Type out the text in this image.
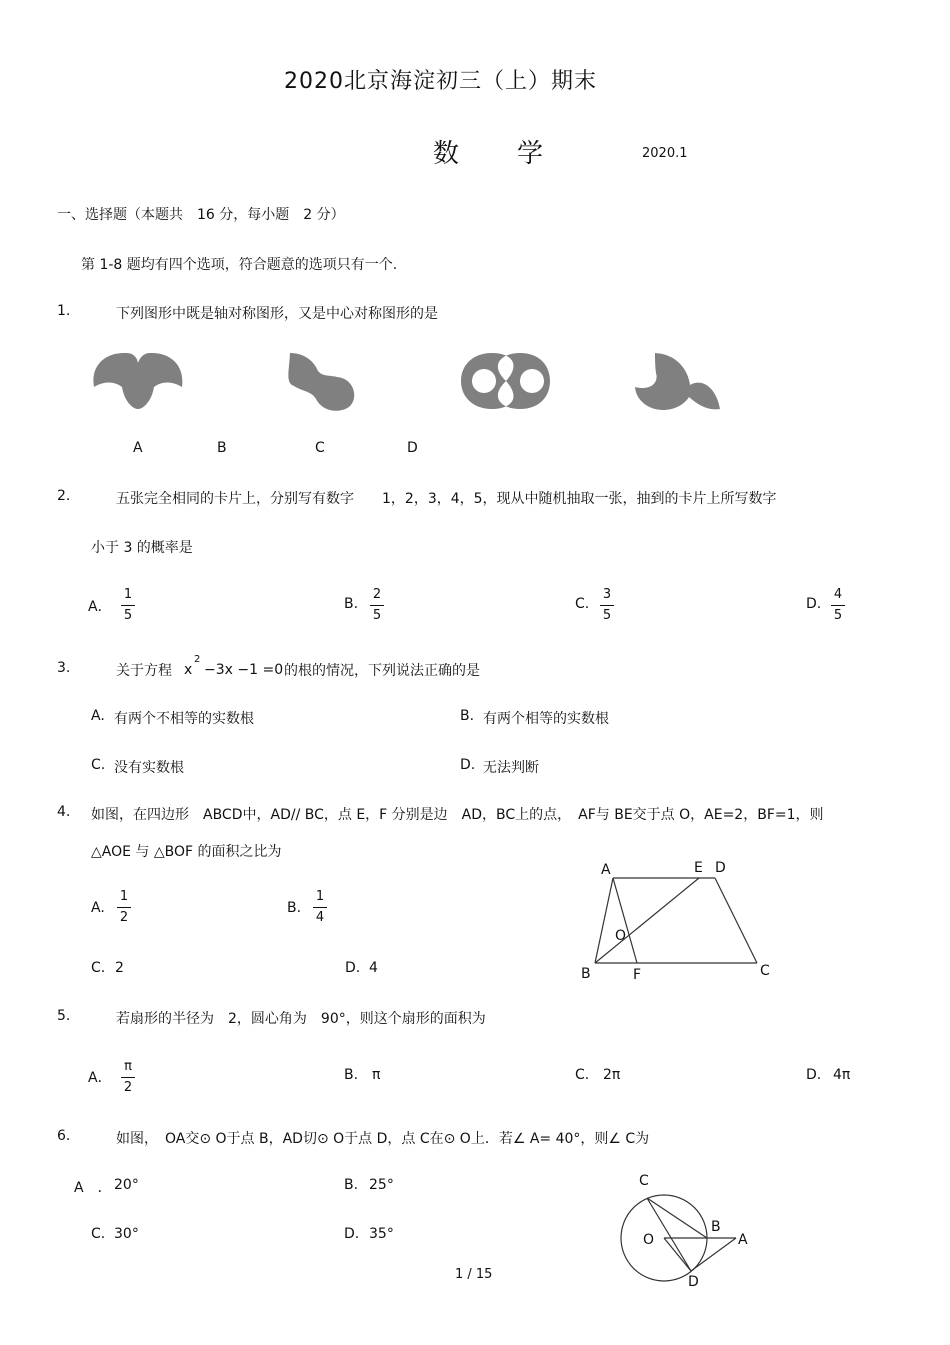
2020北京海淀初三（上）期末
数　　学	2020.1
一、选择题（本题共　16 分，每小题　2 分）
第 1-8 题均有四个选项，符合题意的选项只有一个.
1.	下列图形中既是轴对称图形，又是中心对称图形的是
A	B	C	D
2.	五张完全相同的卡片上，分别写有数字　　1，2，3，4，5，现从中随机抽取一张，抽到的卡片上所写数字
小于 3 的概率是
A．
1
5
B.
2
5
C.
3
5
D.
4
5
3.	关于方程 x
2
−3x −1 =0 的根的情况，下列说法正确的是
A. 有两个不相等的实数根	B. 有两个相等的实数根
C. 没有实数根	D. 无法判断
4. 如图，在四边形　ABCD中，AD// BC，点 E，F 分别是边　AD，BC上的点，　AF与 BE交于点 O，AE=2，BF=1，则
△AOE 与 △BOF 的面积之比为
A.
1
2
B.
1
4
C. 2	D. 4
A	E D
O
B	F	C
5.	若扇形的半径为　2，圆心角为　90°，则这个扇形的面积为
A．
π
2
B. π	C. 2π	D. 4π
6.	如图，　OA交⊙ O于点 B，AD切⊙ O于点 D，点 C在⊙ O上．若∠ A= 40°，则∠ C为
A　． 20°	B. 25°
C. 30°	D. 35°
C
B
O	A
D
1 / 15
